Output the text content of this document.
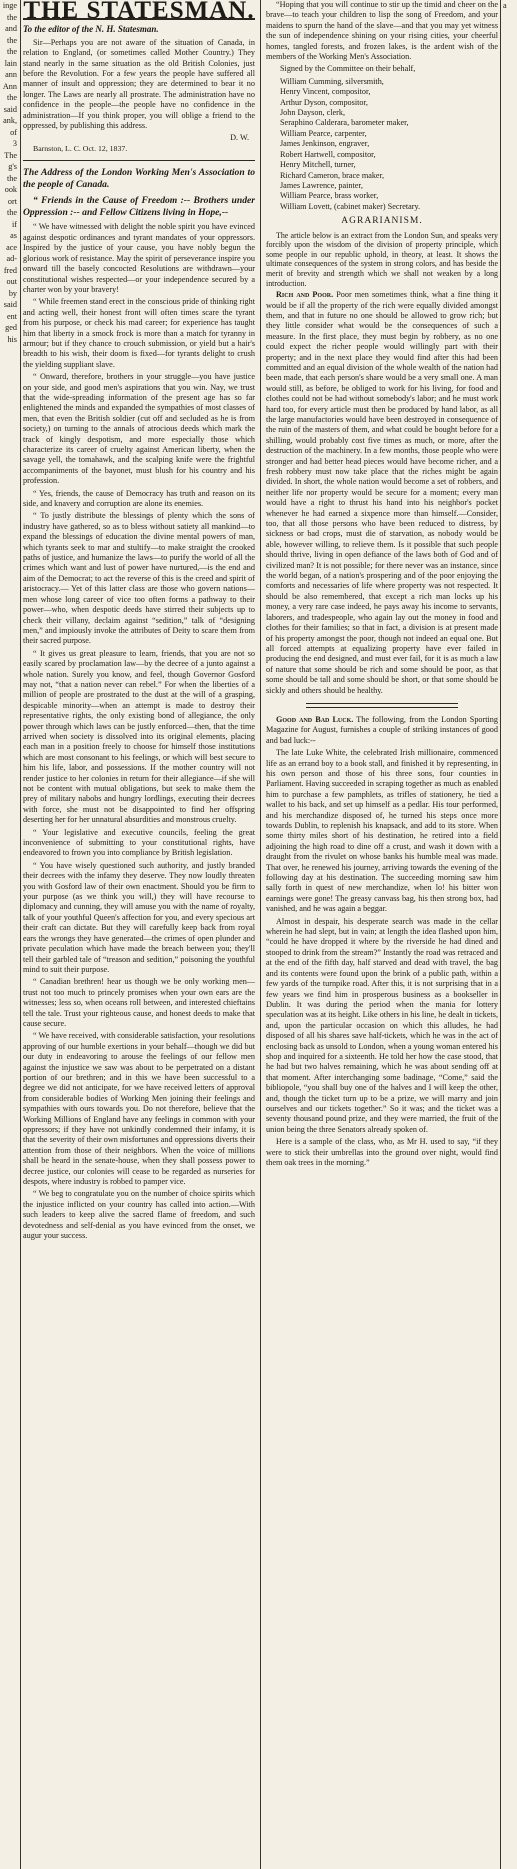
inge
the
and
the
the
lain
ann
Ann
the
said
ank,
of
3
The
g's
the
ook
ort
the
if
as
ace
ad-
fred
out
by
said
ent
ged
his
THE STATESMAN.
To the editor of the N. H. Statesman.

Sir—Perhaps you are not aware of the situation of Canada, in relation to England, (or sometimes called Mother Country.) They stand nearly in the same situation as the old British Colonies, just before the Revolution. For a few years the people have suffered all manner of insult and oppression; they are determined to bear it no longer. The Laws are nearly all prostrate. The administration have no confidence in the people—the people have no confidence in the administration—If you think proper, you will oblige a friend to the oppressed, by publishing this address.

D. W.
Barnston, L. C. Oct. 12, 1837.
The Address of the London Working Men's Association to the people of Canada.
“ Friends in the Cause of Freedom :-- Brothers under Oppression :-- and Fellow Citizens living in Hope,--

“ We have witnessed with delight the noble spirit you have evinced against despotic ordinances and tyrant mandates of your oppressors. Inspired by the justice of your cause, you have nobly begun the glorious work of resistance. May the spirit of perseverance inspire you onward till the basely concocted Resolutions are withdrawn—your constitutional wishes respected—or your independence secured by a charter won by your bravery!

“ While freemen stand erect in the conscious pride of thinking right and acting well, their honest front will often times scare the tyrant from his purpose, or check his mad career; for experience has taught him that liberty in a smock frock is more than a match for tyranny in armour; but if they chance to crouch submission, or yield but a hair's breadth to his wish, their doom is fixed—for tyrants delight to crush the yielding suppliant slave.

“ Onward, therefore, brothers in your struggle—you have justice on your side, and good men's aspirations that you win. Nay, we trust that the wide-spreading information of the present age has so far enlightened the minds and expanded the sympathies of most classes of men, that even the British soldier (cut off and secluded as he is from society,) on turning to the annals of atrocious deeds which mark the track of kingly despotism, and more especially those which characterize its career of cruelty against American liberty, when the savage yell, the tomahawk, and the scalping knife were the frightful accompaniments of the bayonet, must blush for his country and his profession.

“ Yes, friends, the cause of Democracy has truth and reason on its side, and knavery and corruption are alone its enemies.

“ To justly distribute the blessings of plenty which the sons of industry have gathered, so as to bless without satiety all mankind—to expand the blessings of education the divine mental powers of man, which tyrants seek to mar and stultify—to make straight the crooked paths of justice, and humanize the laws—to purify the world of all the crimes which want and lust of power have nurtured,—is the end and aim of the Democrat; to act the reverse of this is the creed and spirit of aristocracy.— Yet of this latter class are those who govern nations—men whose long career of vice too often forms a pathway to their power—who, when despotic deeds have stirred their subjects up to check their villany, declaim against “sedition,” talk of “designing men,” and impiously invoke the attributes of Deity to scare them from their sacred purpose.

“ It gives us great pleasure to learn, friends, that you are not so easily scared by proclamation law—by the decree of a junto against a whole nation. Surely you know, and feel, though Governor Gosford may not, “that a nation never can rebel.” For when the liberties of a million of people are prostrated to the dust at the will of a grasping, despicable minority—when an attempt is made to destroy their representative rights, the only existing bond of allegiance, the only power through which laws can be justly enforced—then, that the time arrived when society is dissolved into its original elements, placing each man in a position freely to choose for himself those institutions which are most consonant to his feelings, or which will best secure to him his life, labor, and possessions. If the mother country will not render justice to her colonies in return for their allegiance—if she will not be content with mutual obligations, but seek to make them the prey of military nabobs and hungry lordlings, executing their decrees with force, she must not be disappointed to find her offspring deserting her for her unnatural absurdities and monstrous cruelty.

“ Your legislative and executive councils, feeling the great inconvenience of submitting to your constitutional rights, have endeavored to frown you into compliance by British legislation.

“ You have wisely questioned such authority, and justly branded their decrees with the infamy they deserve. They now loudly threaten you with Gosford law of their own enactment. Should you be firm to your purpose (as we think you will,) they will have recourse to diplomacy and cunning, they will amuse you with the name of royalty, talk of your youthful Queen's affection for you, and every specious art their craft can dictate. But they will carefully keep back from royal ears the wrongs they have generated—the crimes of open plunder and private peculation which have made the breach between you; they'll tell their garbled tale of “treason and sedition,” poisoning the youthful mind to suit their purpose.

“ Canadian brethren! hear us though we be only working men—trust not too much to princely promises when your own ears are the witnesses; less so, when oceans roll between, and interested chieftains tell the tale. Trust your righteous cause, and honest deeds to make that cause secure.

“ We have received, with considerable satisfaction, your resolutions approving of our humble exertions in your behalf—though we did but our duty in endeavoring to arouse the feelings of our fellow men against the injustice we saw was about to be perpetrated on a distant portion of our brethren; and in this we have been successful to a degree we did not anticipate, for we have received letters of approval from considerable bodies of Working Men joining their feelings and sympathies with ours towards you. Do not therefore, believe that the Working Millions of England have any feelings in common with your oppressors; if they have not unkindly condemned their infamy, it is that the severity of their own misfortunes and oppressions diverts their attention from those of their neighbors. When the voice of millions shall be heard in the senate-house, when they shall possess power to decree justice, our colonies will cease to be regarded as nurseries for despots, where industry is robbed to pamper vice.

“ We beg to congratulate you on the number of choice spirits which the injustice inflicted on your country has called into action.—With such leaders to keep alive the sacred flame of freedom, and such devotedness and self-denial as you have evinced from the onset, we augur your success.

“Hoping that you will continue to stir up the timid and cheer on the brave—to teach your children to lisp the song of Freedom, and your maidens to spurn the hand of the slave—and that you may yet witness the sun of independence shining on your rising cities, your cheerful homes, tangled forests, and frozen lakes, is the ardent wish of the members of the Working Men's Association.

Signed by the Committee on their behalf,

William Cumming, silversmith,
Henry Vincent, compositor,
Arthur Dyson, compositor,
John Dayson, clerk,
Seraphino Calderara, barometer maker,
William Pearce, carpenter,
James Jenkinson, engraver,
Robert Hartwell, compositor,
Henry Mitchell, turner,
Richard Cameron, brace maker,
James Lawrence, painter,
William Pearce, brass worker,
William Lovett, (cabinet maker) Secretary.
AGRARIANISM.

The article below is an extract from the London Sun, and speaks very forcibly upon the wisdom of the division of property principle, which some people in our republic uphold, in theory, at least. It shows the ultimate consequences of the system in strong colors, and has beside the merit of brevity and strength which we shall not weaken by a long introduction.

Rich and Poor. Poor men sometimes think, what a fine thing it would be if all the property of the rich were equally divided amongst them, and that in future no one should be allowed to grow rich; but they little consider what would be the consequences of such a measure. In the first place, they must begin by robbery, as no one could expect the richer people would willingly part with their property; and in the next place they would find after this had been committed and an equal division of the whole wealth of the nation had been made, that each person's share would be a very small one. A man would still, as before, be obliged to work for his living, for food and clothes could not be had without somebody's labor; and he must work hard too, for every article must then be produced by hand labor, as all the large manufactories would have been destroyed in consequence of the ruin of the masters of them, and what could be bought before for a shilling, would probably cost five times as much, or more, after the destruction of the machinery. In a few months, those people who were stronger and had better head pieces would have become richer, and a fresh robbery must now take place that the riches might be again divided. In short, the whole nation would become a set of robbers, and neither life nor property would be secure for a moment; every man would have a right to thrust his hand into his neighbor's pocket whenever he had earned a sixpence more than himself.—Consider, too, that all those persons who have been reduced to distress, by sickness or bad crops, must die of starvation, as nobody would be able, however willing, to relieve them. Is it possible that such people should thrive, living in open defiance of the laws both of God and of civilized man? It is not possible; for there never was an instance, since the world began, of a nation's prospering and of the poor enjoying the comforts and necessaries of life where property was not respected. It should be also remembered, that except a rich man locks up his money, a very rare case indeed, he pays away his income to servants, laborers, and tradespeople, who again lay out the money in food and clothes for their families; so that in fact, a division is at present made of his property amongst the poor, though not indeed an equal one. But all forced attempts at equalizing property have ever failed in producing the end designed, and must ever fail, for it is as much a law of nature that some should be rich and some should be poor, as that some should be tall and some should be short, or that some should be sickly and others should be healthy.

Good and Bad Luck. The following, from the London Sporting Magazine for August, furnishes a couple of striking instances of good and bad luck:--

The late Luke White, the celebrated Irish millionaire, commenced life as an errand boy to a book stall, and finished it by representing, in his own person and those of his three sons, four counties in Parliament. Having succeeded in scraping together as much as enabled him to purchase a few pamphlets, as trifles of stationery, he tied a wallet to his back, and set up himself as a pedlar. His tour performed, and his merchandize disposed of, he turned his steps once more towards Dublin, to replenish his knapsack, and add to its store. When some thirty miles short of his destination, he retired into a field adjoining the high road to dine off a crust, and wash it down with a draught from the rivulet on whose banks his humble meal was made. That over, he renewed his journey, arriving towards the evening of the following day at his destination. The succeeding morning saw him sally forth in quest of new merchandize, when lo! his bitter won earnings were gone! The greasy canvass bag, his then strong box, had vanished, and he was again a beggar.

Almost in despair, his desperate search was made in the cellar wherein he had slept, but in vain; at length the idea flashed upon him, “could he have dropped it where by the riverside he had dined and stooped to drink from the stream?” Instantly the road was retraced and at the end of the fifth day, half starved and dead with travel, the bag and its contents were found upon the brink of a public path, within a few yards of the turnpike road. After this, it is not surprising that in a few years we find him in prosperous business as a bookseller in Dublin. It was during the period when the mania for lottery speculation was at its height. Like others in his line, he dealt in tickets, and, upon the particular occasion on which this alludes, he had disposed of all his shares save half-tickets, which he was in the act of enclosing back as unsold to London, when a young woman entered his shop and inquired for a sixteenth. He told her how the case stood, that he had but two halves remaining, which he was about sending off at that moment. After interchanging some badinage, “Come,” said the bibliopole, “you shall buy one of the halves and I will keep the other, and, though the ticket turn up to be a prize, we will marry and join ourselves and our tickets together.” So it was; and the ticket was a seventy thousand pound prize, and they were married, the fruit of the union being the three Senators already spoken of.

Here is a sample of the class, who, as Mr H. used to say, “if they were to stick their umbrellas into the ground over night, would find them oak trees in the morning.”

a
